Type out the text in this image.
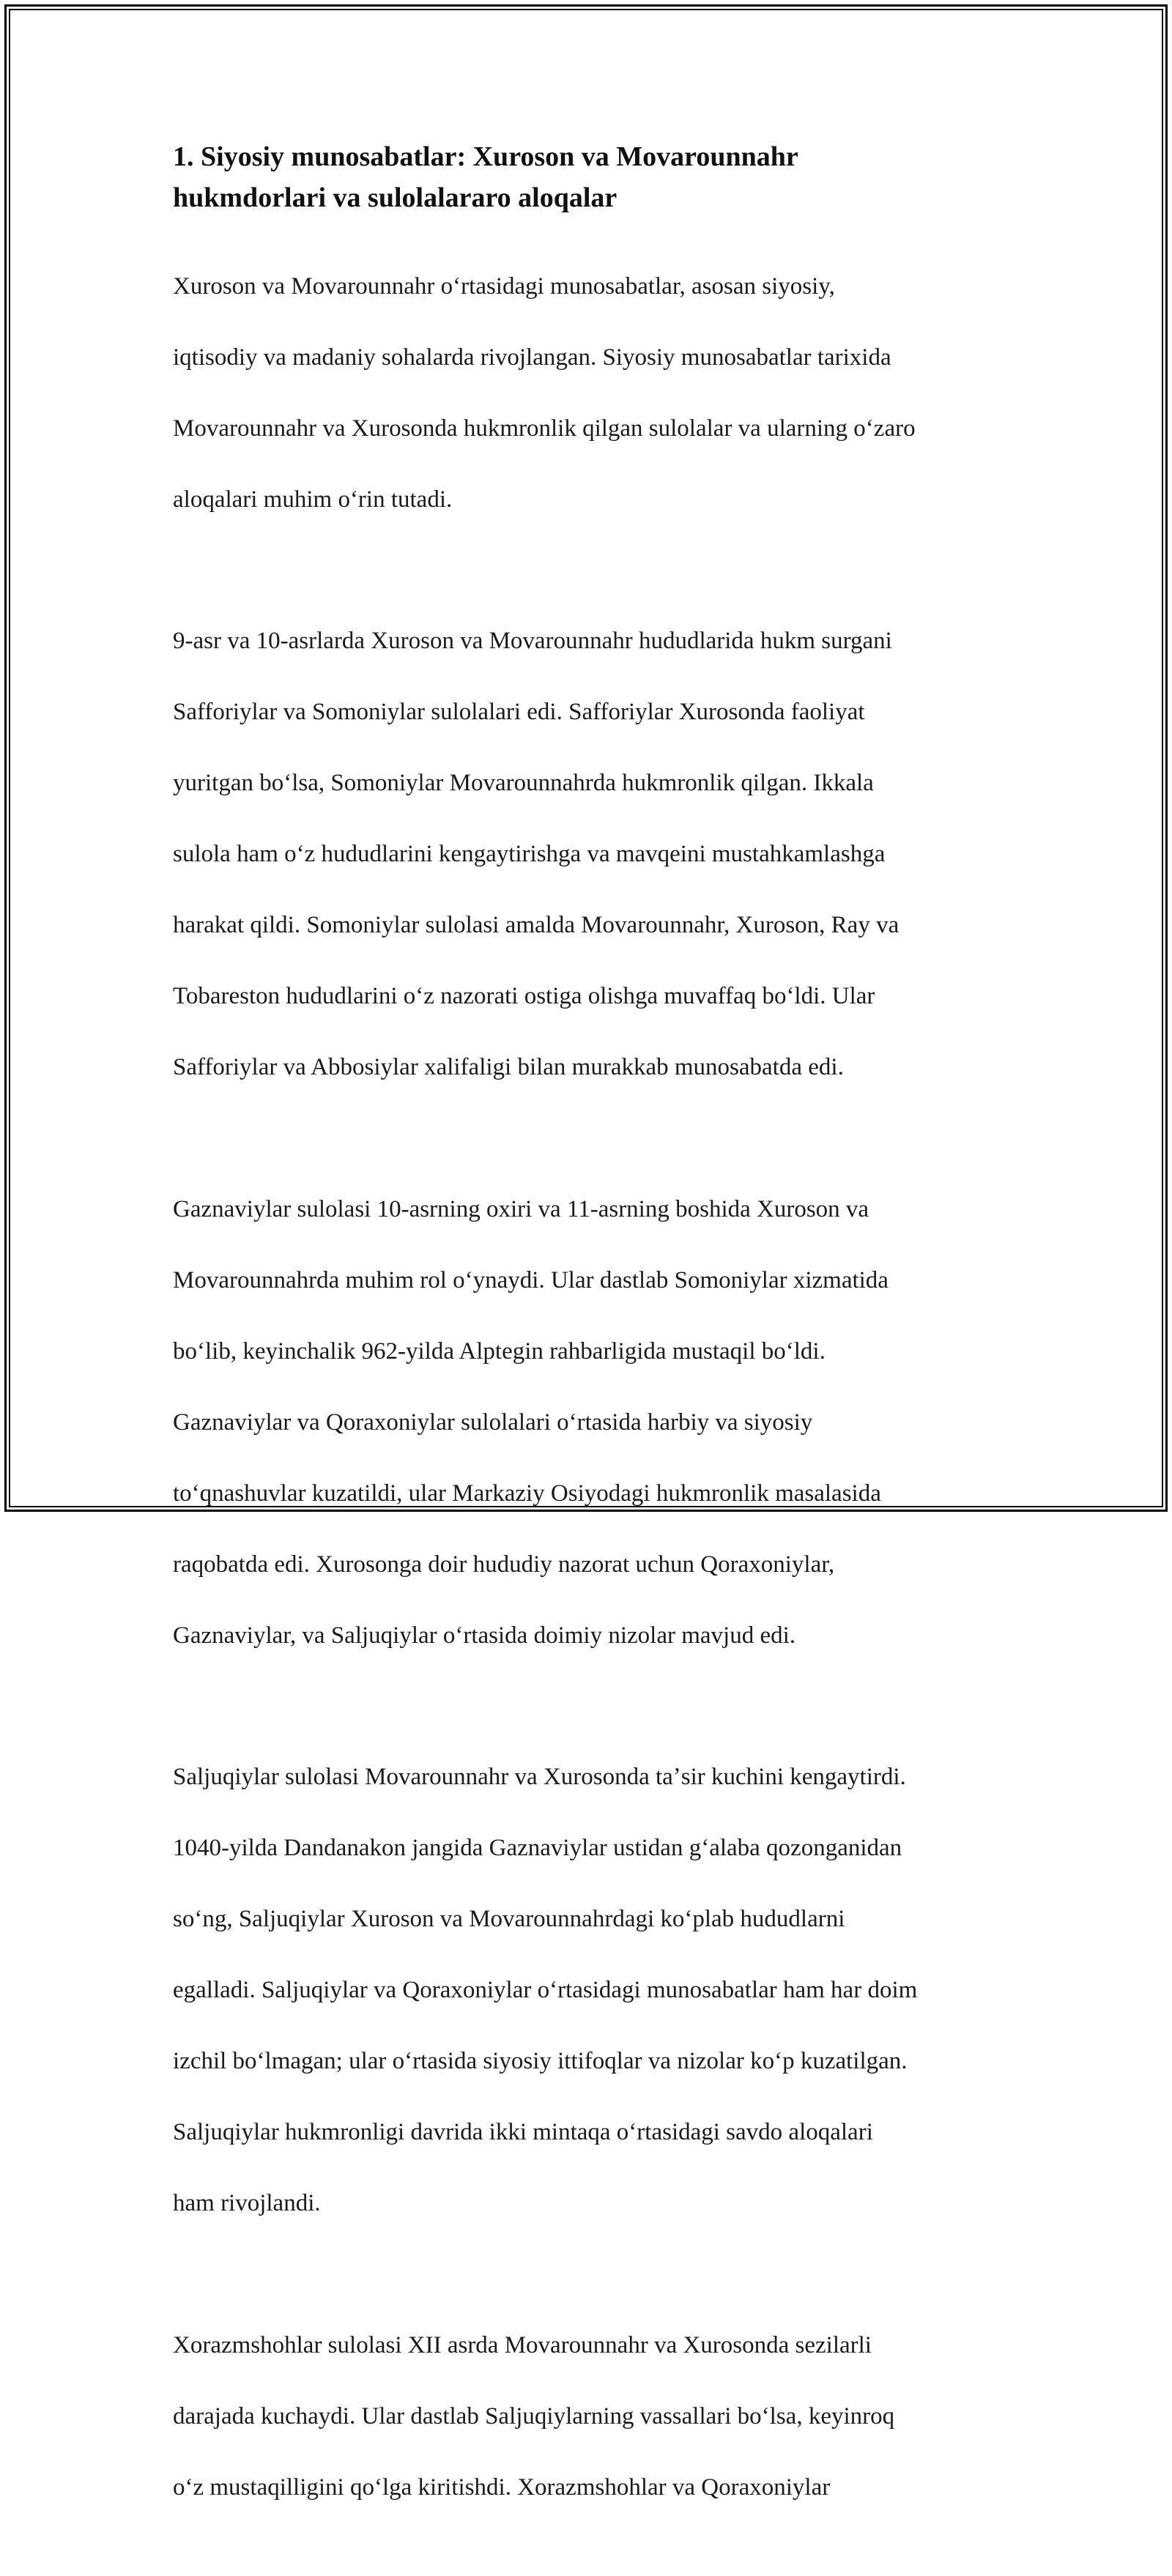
1. Siyosiy munosabatlar: Xuroson va Movarounnahr
hukmdorlari va sulolalararo aloqalar

Xuroson va Movarounnahr oʻrtasidagi munosabatlar, asosan siyosiy,

iqtisodiy va madaniy sohalarda rivojlangan. Siyosiy munosabatlar tarixida

Movarounnahr va Xurosonda hukmronlik qilgan sulolalar va ularning oʻzaro

aloqalari muhim oʻrin tutadi.

9-asr va 10-asrlarda Xuroson va Movarounnahr hududlarida hukm surgani

Safforiylar va Somoniylar sulolalari edi. Safforiylar Xurosonda faoliyat

yuritgan boʻlsa, Somoniylar Movarounnahrda hukmronlik qilgan. Ikkala

sulola ham oʻz hududlarini kengaytirishga va mavqeini mustahkamlashga

harakat qildi. Somoniylar sulolasi amalda Movarounnahr, Xuroson, Ray va

Tobareston hududlarini oʻz nazorati ostiga olishga muvaffaq boʻldi. Ular

Safforiylar va Abbosiylar xalifaligi bilan murakkab munosabatda edi.

Gaznaviylar sulolasi 10-asrning oxiri va 11-asrning boshida Xuroson va

Movarounnahrda muhim rol oʻynaydi. Ular dastlab Somoniylar xizmatida

boʻlib, keyinchalik 962-yilda Alptegin rahbarligida mustaqil boʻldi.

Gaznaviylar va Qoraxoniylar sulolalari oʻrtasida harbiy va siyosiy

toʻqnashuvlar kuzatildi, ular Markaziy Osiyodagi hukmronlik masalasida

raqobatda edi. Xurosonga doir hududiy nazorat uchun Qoraxoniylar,

Gaznaviylar, va Saljuqiylar oʻrtasida doimiy nizolar mavjud edi.

Saljuqiylar sulolasi Movarounnahr va Xurosonda taʼsir kuchini kengaytirdi.

1040-yilda Dandanakon jangida Gaznaviylar ustidan gʻalaba qozonganidan

soʻng, Saljuqiylar Xuroson va Movarounnahrdagi koʻplab hududlarni

egalladi. Saljuqiylar va Qoraxoniylar oʻrtasidagi munosabatlar ham har doim

izchil boʻlmagan; ular oʻrtasida siyosiy ittifoqlar va nizolar koʻp kuzatilgan.

Saljuqiylar hukmronligi davrida ikki mintaqa oʻrtasidagi savdo aloqalari

ham rivojlandi.

Xorazmshohlar sulolasi XII asrda Movarounnahr va Xurosonda sezilarli

darajada kuchaydi. Ular dastlab Saljuqiylarning vassallari boʻlsa, keyinroq

oʻz mustaqilligini qoʻlga kiritishdi. Xorazmshohlar va Qoraxoniylar
